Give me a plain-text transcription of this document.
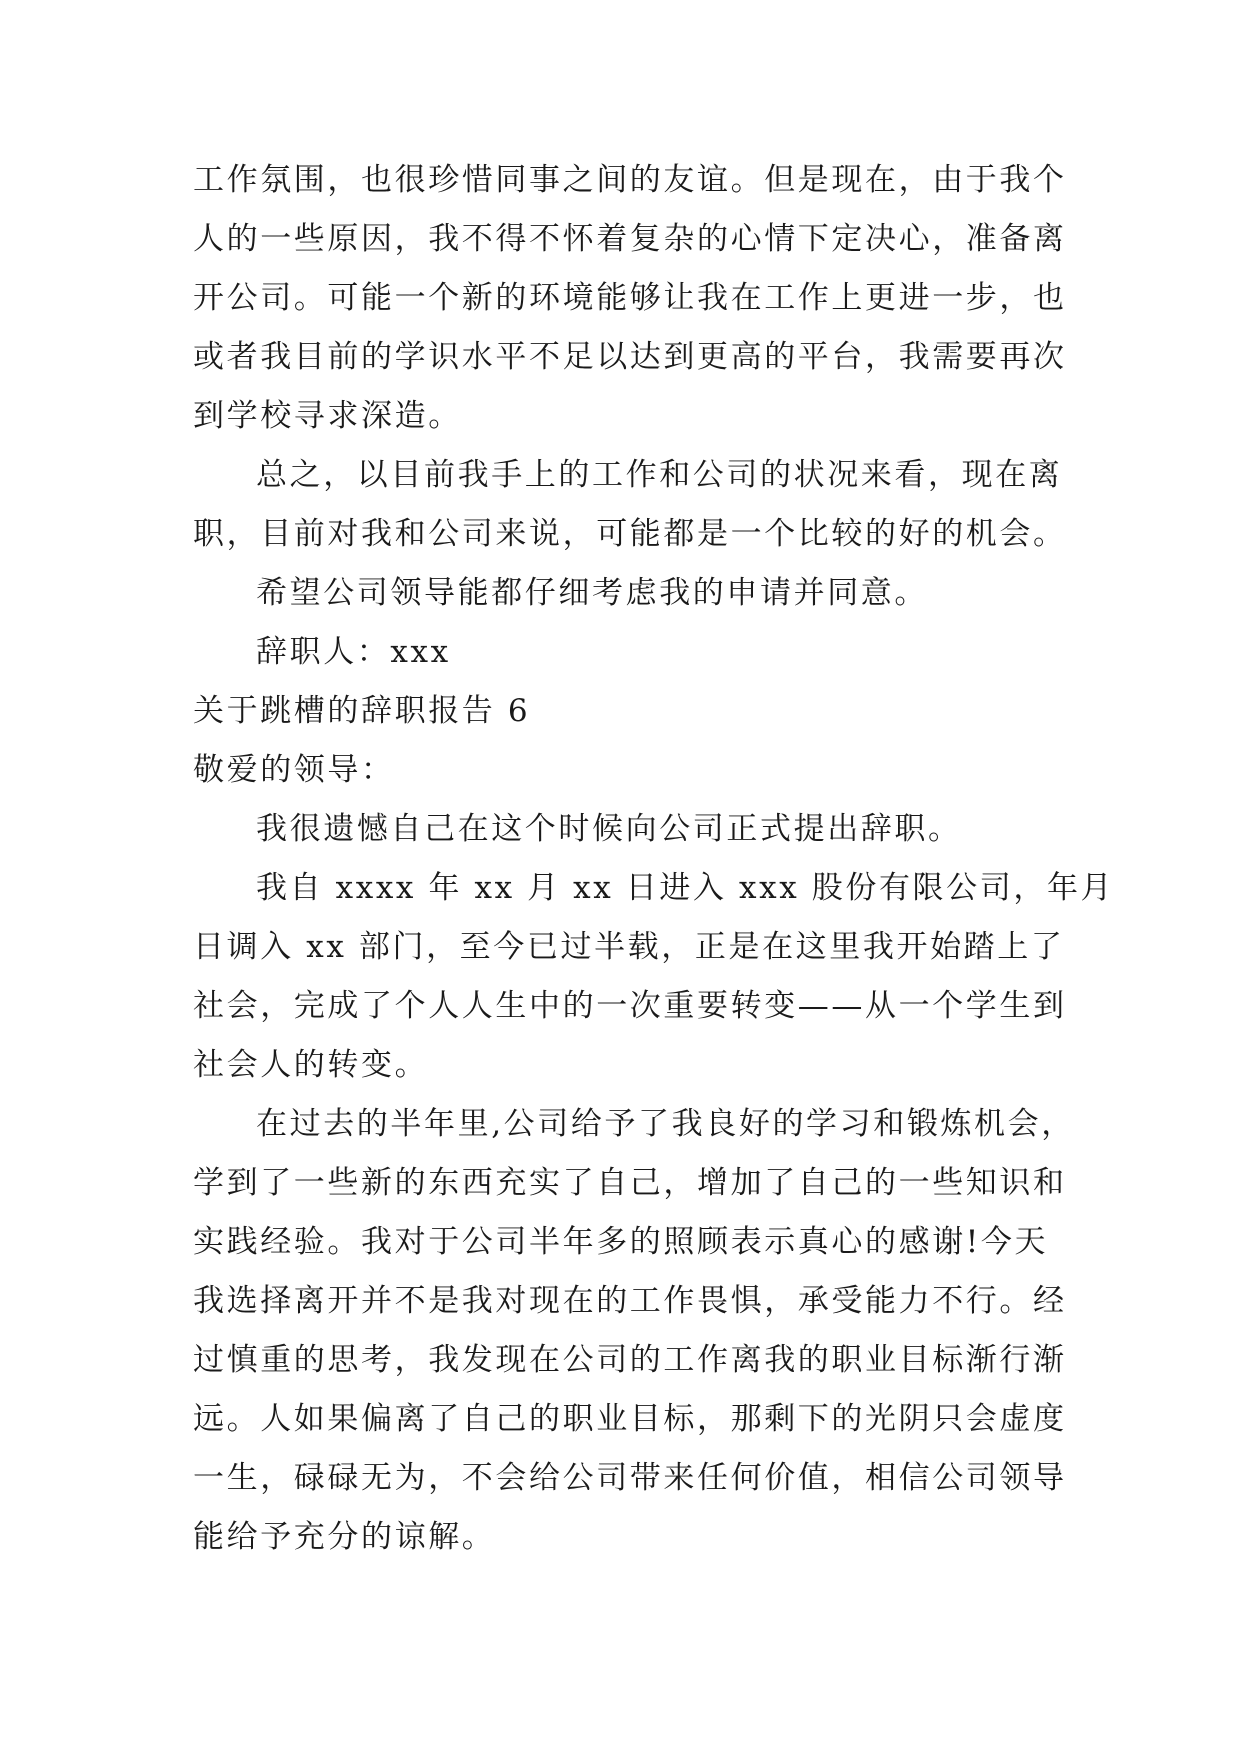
工作氛围，也很珍惜同事之间的友谊。但是现在，由于我个
人的一些原因，我不得不怀着复杂的心情下定决心，准备离
开公司。可能一个新的环境能够让我在工作上更进一步，也
或者我目前的学识水平不足以达到更高的平台，我需要再次
到学校寻求深造。
总之，以目前我手上的工作和公司的状况来看，现在离
职，目前对我和公司来说，可能都是一个比较的好的机会。
希望公司领导能都仔细考虑我的申请并同意。
辞职人：xxx
关于跳槽的辞职报告 6
敬爱的领导：
我很遗憾自己在这个时候向公司正式提出辞职。
我自 xxxx 年 xx 月 xx 日进入 xxx 股份有限公司，年月
日调入 xx 部门，至今已过半载，正是在这里我开始踏上了
社会，完成了个人人生中的一次重要转变——从一个学生到
社会人的转变。
在过去的半年里,公司给予了我良好的学习和锻炼机会，
学到了一些新的东西充实了自己，增加了自己的一些知识和
实践经验。我对于公司半年多的照顾表示真心的感谢!今天
我选择离开并不是我对现在的工作畏惧，承受能力不行。经
过慎重的思考，我发现在公司的工作离我的职业目标渐行渐
远。人如果偏离了自己的职业目标，那剩下的光阴只会虚度
一生，碌碌无为，不会给公司带来任何价值，相信公司领导
能给予充分的谅解。
